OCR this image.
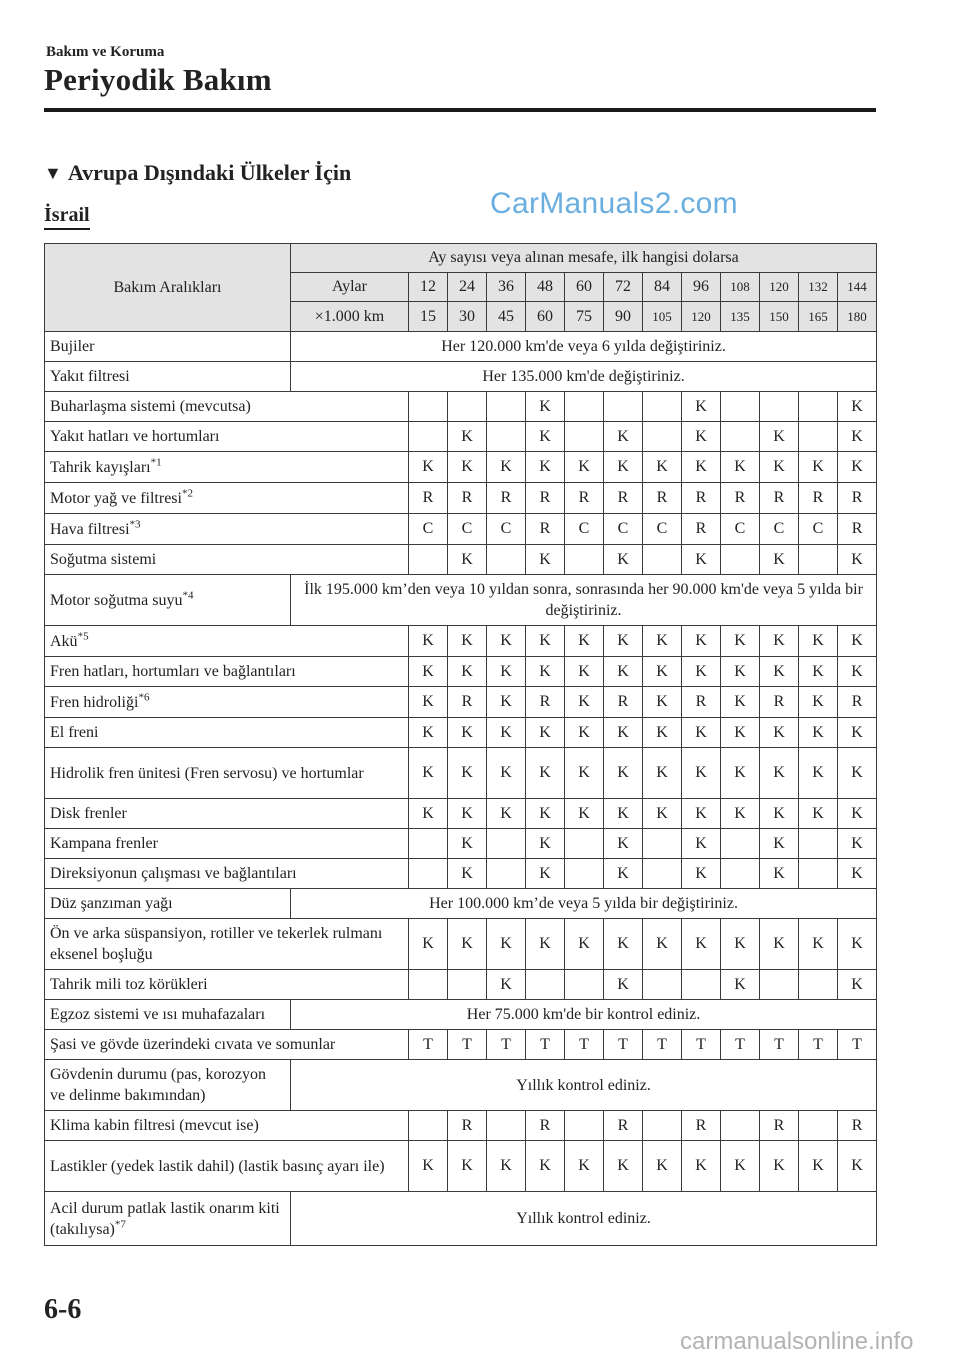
Bakım ve Koruma
Periyodik Bakım
▼ Avrupa Dışındaki Ülkeler İçin
İsrail	CarManuals2.com
Bakım Aralıkları	Ay sayısı veya alınan mesafe, ilk hangisi dolarsa												
	Aylar	12	24	36	48	60	72	84	96	108	120	132	144
	×1.000 km	15	30	45	60	75	90	105	120	135	150	165	180
Bujiler	Her 120.000 km'de veya 6 yılda değiştiriniz.												
Yakıt filtresi	Her 135.000 km'de değiştiriniz.												
Buharlaşma sistemi (mevcutsa)					K				K				K
Yakıt hatları ve hortumları			K		K		K		K		K		K
Tahrik kayışları$^{*1}$		K	K	K	K	K	K	K	K	K	K	K	K
Motor yağ ve filtresi$^{*2}$		R	R	R	R	R	R	R	R	R	R	R	R
Hava filtresi$^{*3}$		C	C	C	R	C	C	C	R	C	C	C	R
Soğutma sistemi			K		K		K		K		K		K
Motor soğutma suyu$^{*4}$	İlk 195.000 km’den veya 10 yıldan sonra, sonrasında her 90.000 km'de veya 5 yılda bir değiştiriniz.												
Akü$^{*5}$		K	K	K	K	K	K	K	K	K	K	K	K
Fren hatları, hortumları ve bağlantıları		K	K	K	K	K	K	K	K	K	K	K	K
Fren hidroliği$^{*6}$		K	R	K	R	K	R	K	R	K	R	K	R
El freni		K	K	K	K	K	K	K	K	K	K	K	K
Hidrolik fren ünitesi (Fren servosu) ve hortumlar		K	K	K	K	K	K	K	K	K	K	K	K
Disk frenler		K	K	K	K	K	K	K	K	K	K	K	K
Kampana frenler			K		K		K		K		K		K
Direksiyonun çalışması ve bağlantıları			K		K		K		K		K		K
Düz şanzıman yağı	Her 100.000 km’de veya 5 yılda bir değiştiriniz.												
Ön ve arka süspansiyon, rotiller ve tekerlek rulmanı eksenel boşluğu		K	K	K	K	K	K	K	K	K	K	K	K
Tahrik mili toz körükleri				K			K			K			K
Egzoz sistemi ve ısı muhafazaları	Her 75.000 km'de bir kontrol ediniz.												
Şasi ve gövde üzerindeki cıvata ve somunlar		T	T	T	T	T	T	T	T	T	T	T	T
Gövdenin durumu (pas, korozyon ve delinme bakımından)	Yıllık kontrol ediniz.												
Klima kabin filtresi (mevcut ise)			R		R		R		R		R		R
Lastikler (yedek lastik dahil) (lastik basınç ayarı ile)		K	K	K	K	K	K	K	K	K	K	K	K
Acil durum patlak lastik onarım kiti (takılıysa)$^{*7}$	Yıllık kontrol ediniz.												
6-6
carmanualsonline.info
